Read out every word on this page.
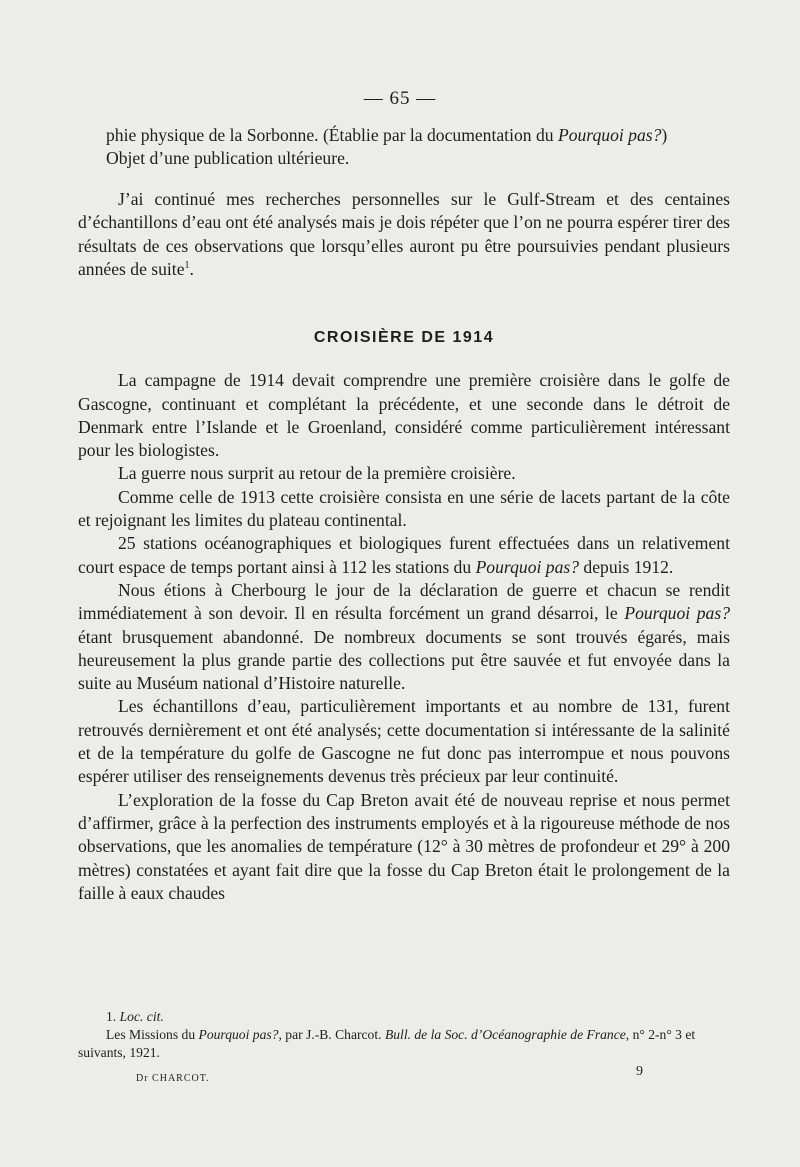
— 65 —

phie physique de la Sorbonne. (Établie par la documentation du Pourquoi pas?)

Objet d’une publication ultérieure.

J’ai continué mes recherches personnelles sur le Gulf-Stream et des centaines d’échantillons d’eau ont été analysés mais je dois répéter que l’on ne pourra espérer tirer des résultats de ces observations que lorsqu’elles auront pu être poursuivies pendant plusieurs années de suite$^1$.

CROISIÈRE DE 1914

La campagne de 1914 devait comprendre une première croisière dans le golfe de Gascogne, continuant et complétant la précédente, et une seconde dans le détroit de Denmark entre l’Islande et le Groenland, considéré comme particulièrement intéressant pour les biologistes.

La guerre nous surprit au retour de la première croisière.

Comme celle de 1913 cette croisière consista en une série de lacets partant de la côte et rejoignant les limites du plateau continental.

25 stations océanographiques et biologiques furent effectuées dans un relativement court espace de temps portant ainsi à 112 les stations du Pourquoi pas? depuis 1912.

Nous étions à Cherbourg le jour de la déclaration de guerre et chacun se rendit immédiatement à son devoir. Il en résulta forcément un grand désarroi, le Pourquoi pas? étant brusquement abandonné. De nombreux documents se sont trouvés égarés, mais heureusement la plus grande partie des collections put être sauvée et fut envoyée dans la suite au Muséum national d’Histoire naturelle.

Les échantillons d’eau, particulièrement importants et au nombre de 131, furent retrouvés dernièrement et ont été analysés; cette documentation si intéressante de la salinité et de la température du golfe de Gascogne ne fut donc pas interrompue et nous pouvons espérer utiliser des renseignements devenus très précieux par leur continuité.

L’exploration de la fosse du Cap Breton avait été de nouveau reprise et nous permet d’affirmer, grâce à la perfection des instruments employés et à la rigoureuse méthode de nos observations, que les anomalies de température (12° à 30 mètres de profondeur et 29° à 200 mètres) constatées et ayant fait dire que la fosse du Cap Breton était le prolongement de la faille à eaux chaudes

1. Loc. cit.

Les Missions du Pourquoi pas?, par J.-B. Charcot. Bull. de la Soc. d’Océanographie de France, n° 2-n° 3 et suivants, 1921.

Dr CHARCOT.	9
